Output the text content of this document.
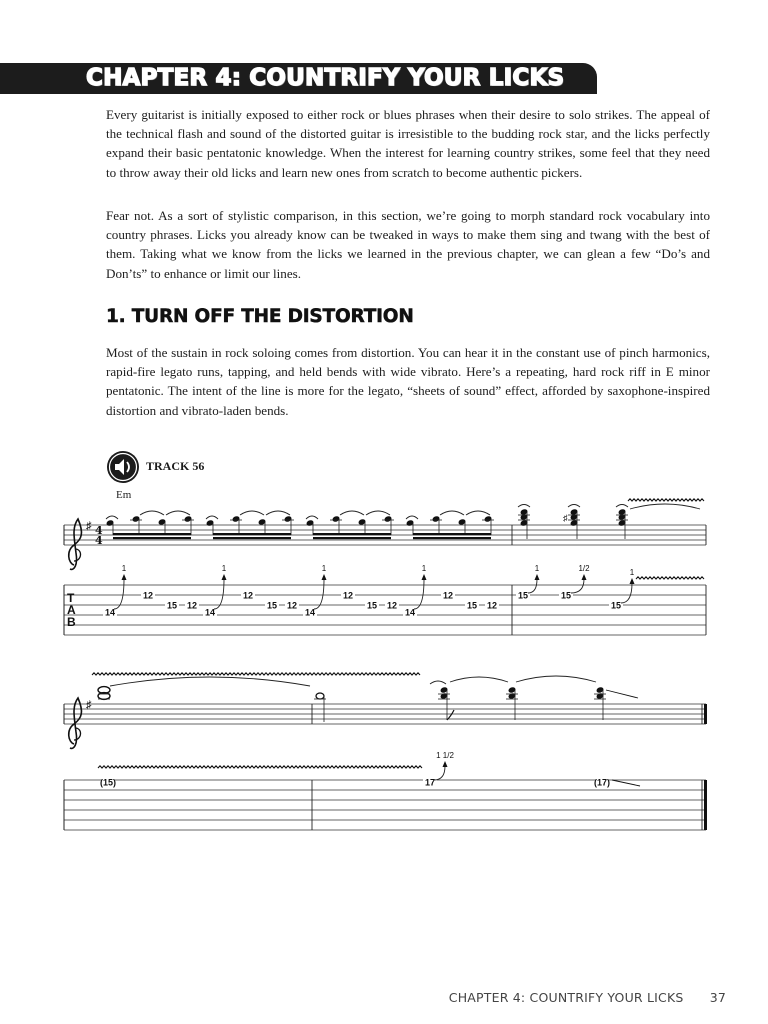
CHAPTER 4: COUNTRIFY YOUR LICKS

Every guitarist is initially exposed to either rock or blues phrases when their desire to solo strikes. The appeal of the technical flash and sound of the distorted guitar is irresistible to the budding rock star, and the licks perfectly expand their basic pentatonic knowledge. When the interest for learning country strikes, some feel that they need to throw away their old licks and learn new ones from scratch to become authentic pickers.

Fear not. As a sort of stylistic comparison, in this section, we’re going to morph standard rock vocabulary into country phrases. Licks you already know can be tweaked in ways to make them sing and twang with the best of them. Taking what we know from the licks we learned in the previous chapter, we can glean a few “Do’s and Don’ts” to enhance or limit our lines.

1. TURN OFF THE DISTORTION

Most of the sustain in rock soloing comes from distortion. You can hear it in the constant use of pinch harmonics, rapid-fire legato runs, tapping, and held bends with wide vibrato. Here’s a repeating, hard rock riff in E minor pentatonic. The intent of the line is more for the legato, “sheets of sound” effect, afforded by saxophone-inspired distortion and vibrato-laden bends.

TRACK 56
Em
♯ 4
4
♯
T
A
B
14
1
12
15 12
14
1
12
15 12
14
1
12
15 12
14
1
12
15 12
15
1
15
1/2
15
1
♯
(15)	17
1 1/2
(17)
CHAPTER 4: COUNTRIFY YOUR LICKS 37
